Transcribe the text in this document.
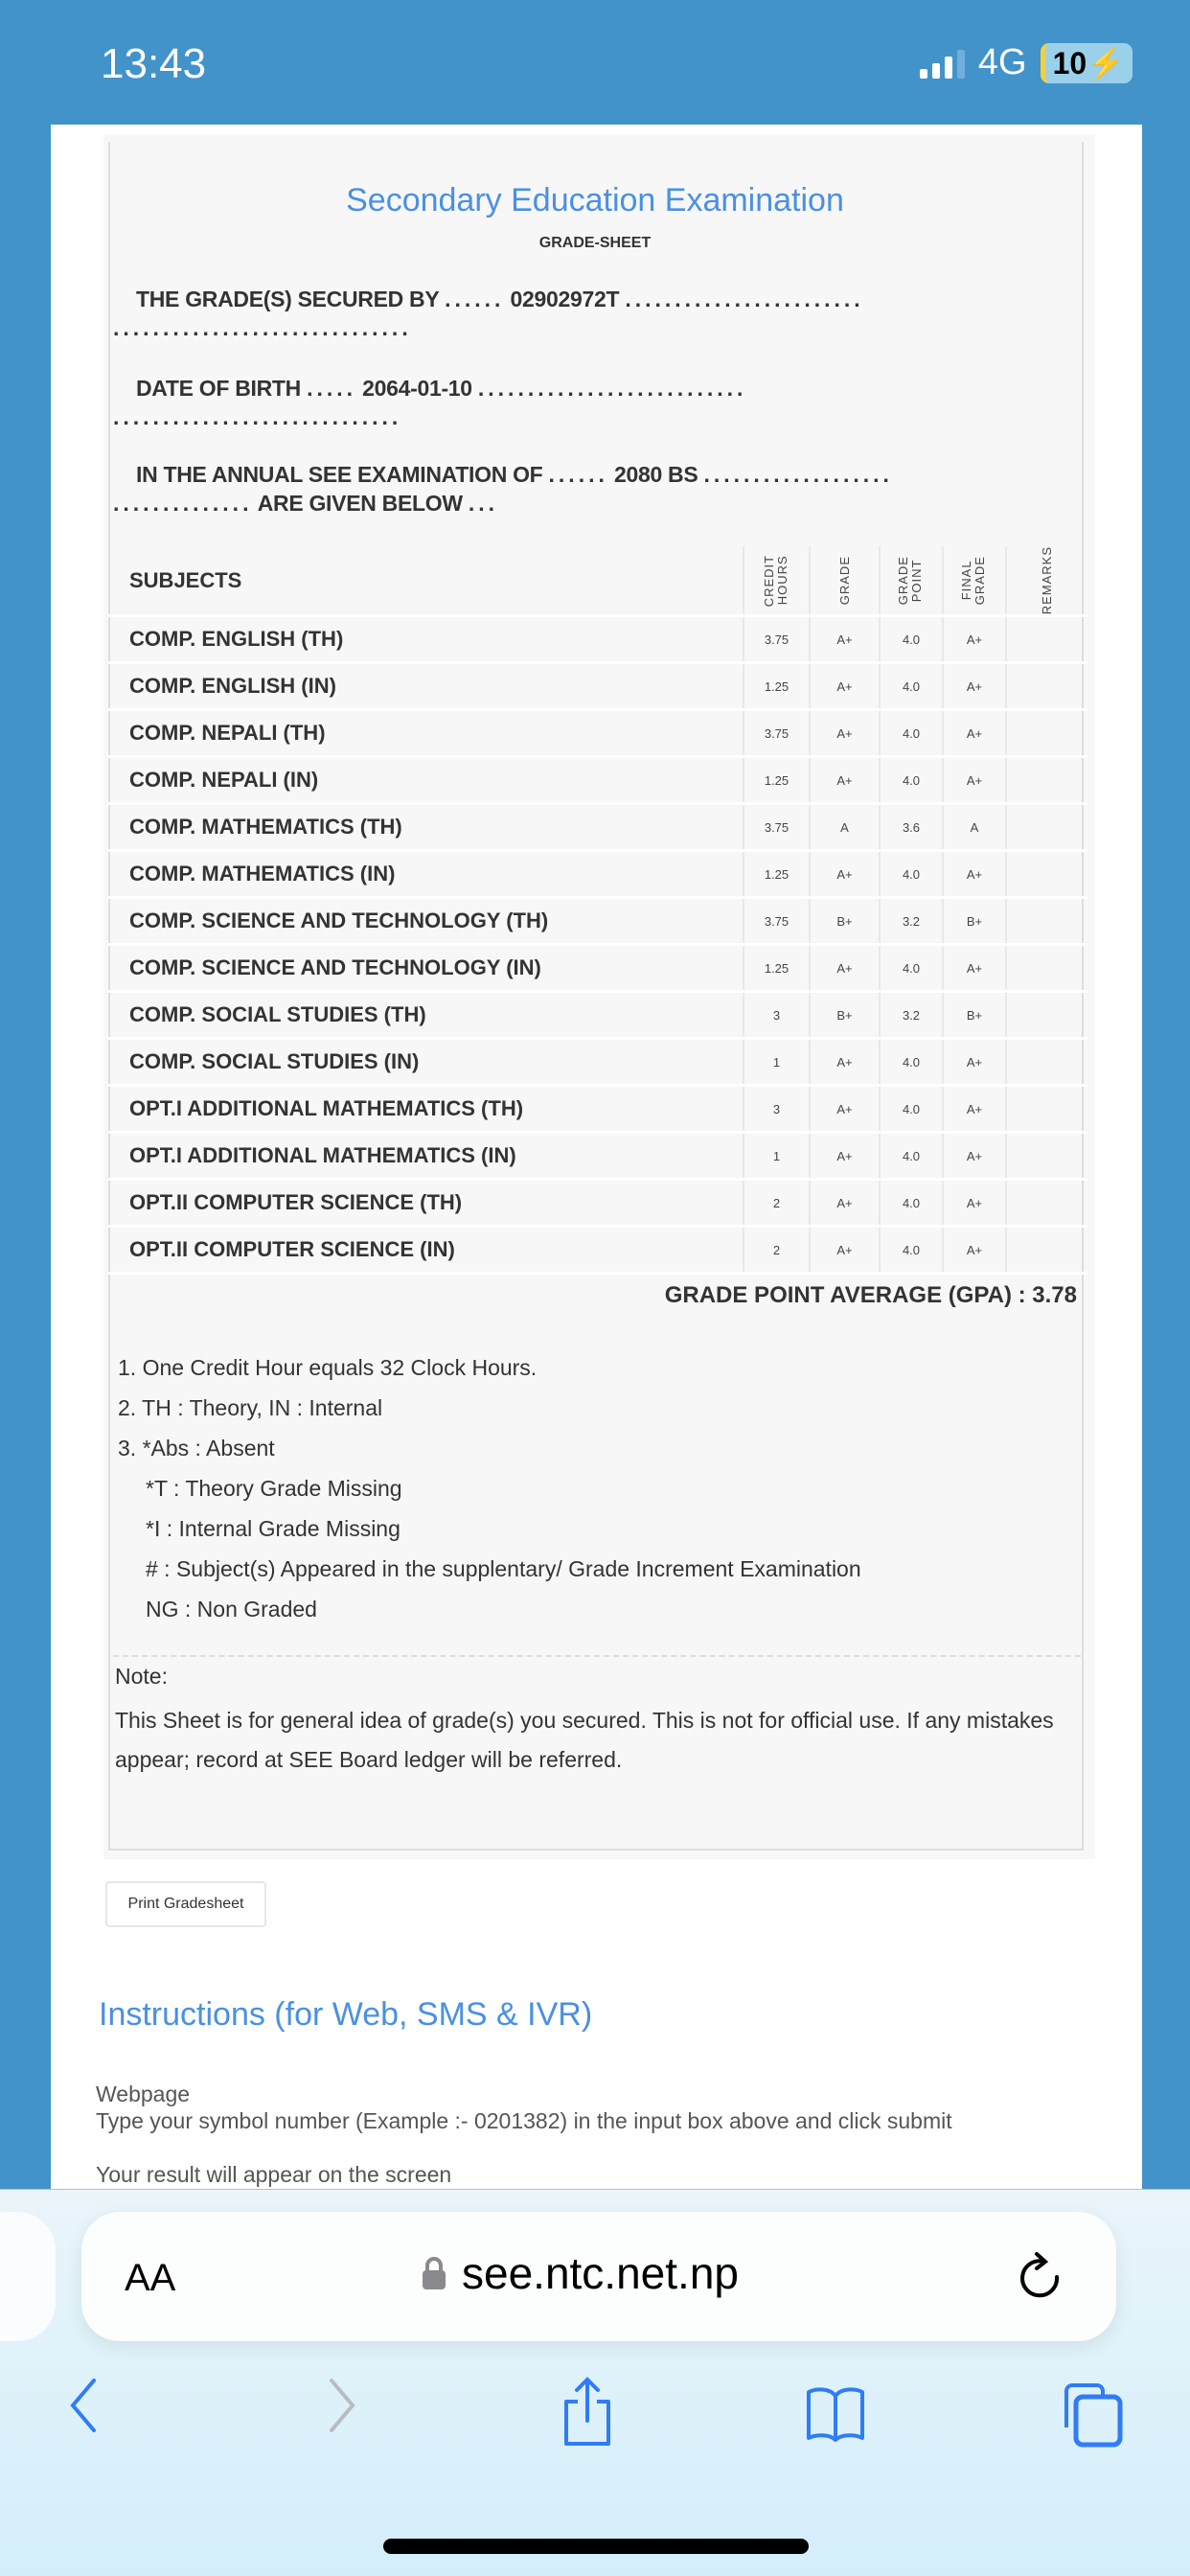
13:43	4G 10⚡
Secondary Education Examination
GRADE-SHEET
THE GRADE(S) SECURED BY ...... 02902972T ........................
..............................
DATE OF BIRTH ..... 2064-01-10 ...........................
.............................
IN THE ANNUAL SEE EXAMINATION OF ...... 2080 BS ...................
.............. ARE GIVEN BELOW ...
SUBJECTS	CREDIT HOURS	GRADE	GRADE POINT	FINAL GRADE	REMARKS

COMP. ENGLISH (TH)	3.75	A+	4.0	A+	
COMP. ENGLISH (IN)	1.25	A+	4.0	A+	
COMP. NEPALI (TH)	3.75	A+	4.0	A+	
COMP. NEPALI (IN)	1.25	A+	4.0	A+	
COMP. MATHEMATICS (TH)	3.75	A	3.6	A	
COMP. MATHEMATICS (IN)	1.25	A+	4.0	A+	
COMP. SCIENCE AND TECHNOLOGY (TH)	3.75	B+	3.2	B+	
COMP. SCIENCE AND TECHNOLOGY (IN)	1.25	A+	4.0	A+	
COMP. SOCIAL STUDIES (TH)	3	B+	3.2	B+	
COMP. SOCIAL STUDIES (IN)	1	A+	4.0	A+	
OPT.I ADDITIONAL MATHEMATICS (TH)	3	A+	4.0	A+	
OPT.I ADDITIONAL MATHEMATICS (IN)	1	A+	4.0	A+	
OPT.II COMPUTER SCIENCE (TH)	2	A+	4.0	A+	
OPT.II COMPUTER SCIENCE (IN)	2	A+	4.0	A+	
GRADE POINT AVERAGE (GPA) : 3.78
1. One Credit Hour equals 32 Clock Hours.
2. TH : Theory, IN : Internal
3. *Abs : Absent
*T : Theory Grade Missing
*I : Internal Grade Missing
# : Subject(s) Appeared in the supplentary/ Grade Increment Examination
NG : Non Graded
Note:
This Sheet is for general idea of grade(s) you secured. This is not for official use. If any mistakes appear; record at SEE Board ledger will be referred.
Print Gradesheet
Instructions (for Web, SMS & IVR)
Webpage
Type your symbol number (Example :- 0201382) in the input box above and click submit
Your result will appear on the screen
AA	see.ntc.net.np
